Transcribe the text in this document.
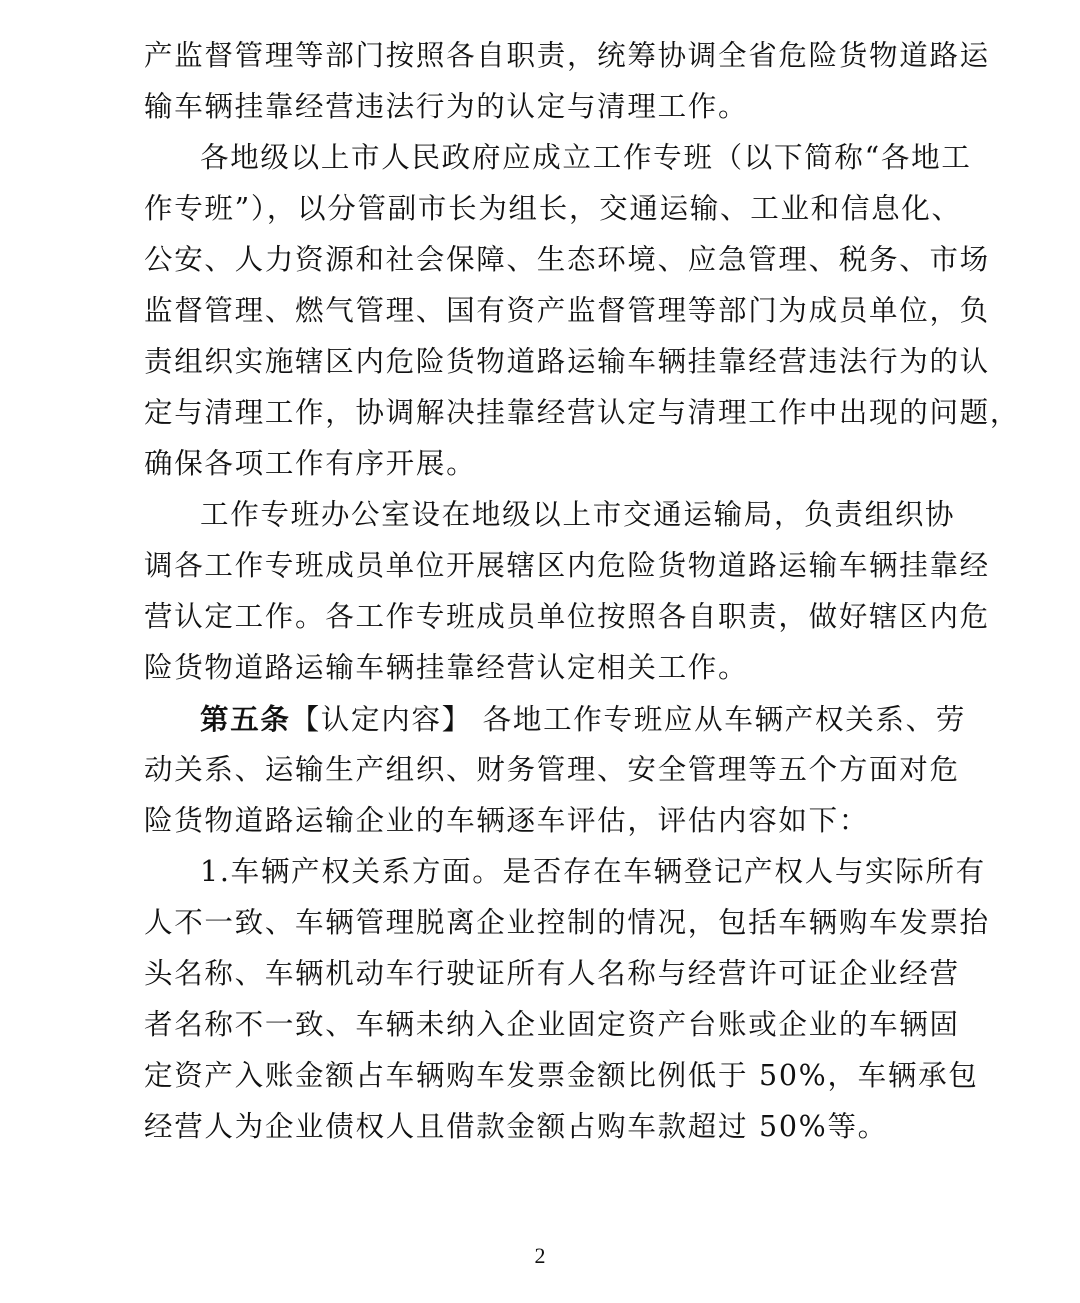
产监督管理等部门按照各自职责，统筹协调全省危险货物道路运
输车辆挂靠经营违法行为的认定与清理工作。
各地级以上市人民政府应成立工作专班（以下简称“各地工
作专班”），以分管副市长为组长，交通运输、工业和信息化、
公安、人力资源和社会保障、生态环境、应急管理、税务、市场
监督管理、燃气管理、国有资产监督管理等部门为成员单位，负
责组织实施辖区内危险货物道路运输车辆挂靠经营违法行为的认
定与清理工作，协调解决挂靠经营认定与清理工作中出现的问题，
确保各项工作有序开展。
工作专班办公室设在地级以上市交通运输局，负责组织协
调各工作专班成员单位开展辖区内危险货物道路运输车辆挂靠经
营认定工作。各工作专班成员单位按照各自职责，做好辖区内危
险货物道路运输车辆挂靠经营认定相关工作。
第五条【认定内容】 各地工作专班应从车辆产权关系、劳
动关系、运输生产组织、财务管理、安全管理等五个方面对危
险货物道路运输企业的车辆逐车评估，评估内容如下：
1.车辆产权关系方面。是否存在车辆登记产权人与实际所有
人不一致、车辆管理脱离企业控制的情况，包括车辆购车发票抬
头名称、车辆机动车行驶证所有人名称与经营许可证企业经营
者名称不一致、车辆未纳入企业固定资产台账或企业的车辆固
定资产入账金额占车辆购车发票金额比例低于 50%，车辆承包
经营人为企业债权人且借款金额占购车款超过 50%等。
2
